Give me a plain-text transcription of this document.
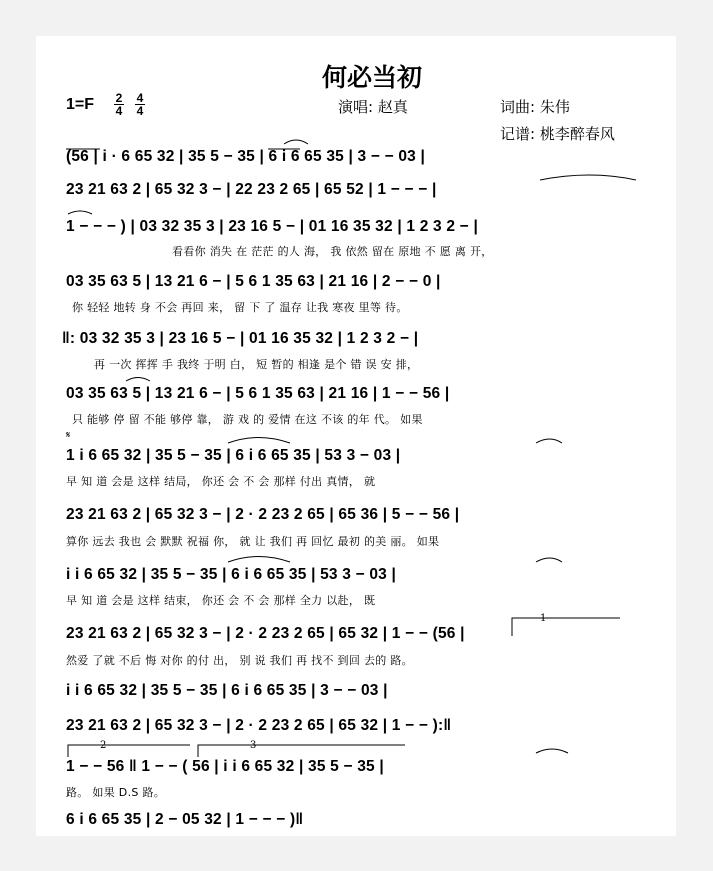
何必当初
1=F 2
4
4
4	演唱: 赵真	词曲: 朱伟
记谱: 桃李醉春风
(56 | i · 6 65 32 | 35 5 − 35 | 6 i 6 65 35 | 3 − − 03 |
23 21 63 2 | 65 32 3 − | 22 23 2 65 | 65 52 | 1 − − − |
1 − − − ) | 03 32 35 3 | 23 16 5 − | 01 16 35 32 | 1 2 3 2 − |
看看你 消失 在 茫茫 的人 海， 我 依然 留在 原地 不 愿 离 开，
03 35 63 5 | 13 21 6 − | 5 6 1 35 63 | 21 16 | 2 − − 0 |
你 轻轻 地转 身 不会 再回 来， 留 下 了 温存 让我 寒夜 里等 待。
‖: 03 32 35 3 | 23 16 5 − | 01 16 35 32 | 1 2 3 2 − |
再 一次 挥挥 手 我终 于明 白， 短 暂的 相逢 是个 错 误 安 排，
03 35 63 5 | 13 21 6 − | 5 6 1 35 63 | 21 16 | 1 − − 56 |
只 能够 停 留 不能 够停 靠， 游 戏 的 爱情 在这 不该 的年 代。 如果
𝄋
1 i 6 65 32 | 35 5 − 35 | 6 i 6 65 35 | 53 3 − 03 |
早 知 道 会是 这样 结局， 你还 会 不 会 那样 付出 真情， 就
23 21 63 2 | 65 32 3 − | 2 · 2 23 2 65 | 65 36 | 5 − − 56 |
算你 远去 我也 会 默默 祝福 你， 就 让 我们 再 回忆 最初 的美 丽。 如果
i i 6 65 32 | 35 5 − 35 | 6 i 6 65 35 | 53 3 − 03 |
早 知 道 会是 这样 结束， 你还 会 不 会 那样 全力 以赴， 既
1
23 21 63 2 | 65 32 3 − | 2 · 2 23 2 65 | 65 32 | 1 − − (56 |
然爱 了就 不后 悔 对你 的付 出， 别 说 我们 再 找不 到回 去的 路。
i i 6 65 32 | 35 5 − 35 | 6 i 6 65 35 | 3 − − 03 |
23 21 63 2 | 65 32 3 − | 2 · 2 23 2 65 | 65 32 | 1 − − ):‖
2	3
1 − − 56 ‖ 1 − − ( 56 | i i 6 65 32 | 35 5 − 35 |
路。 如果 D.S 路。
6 i 6 65 35 | 2 − 05 32 | 1 − − − )‖
